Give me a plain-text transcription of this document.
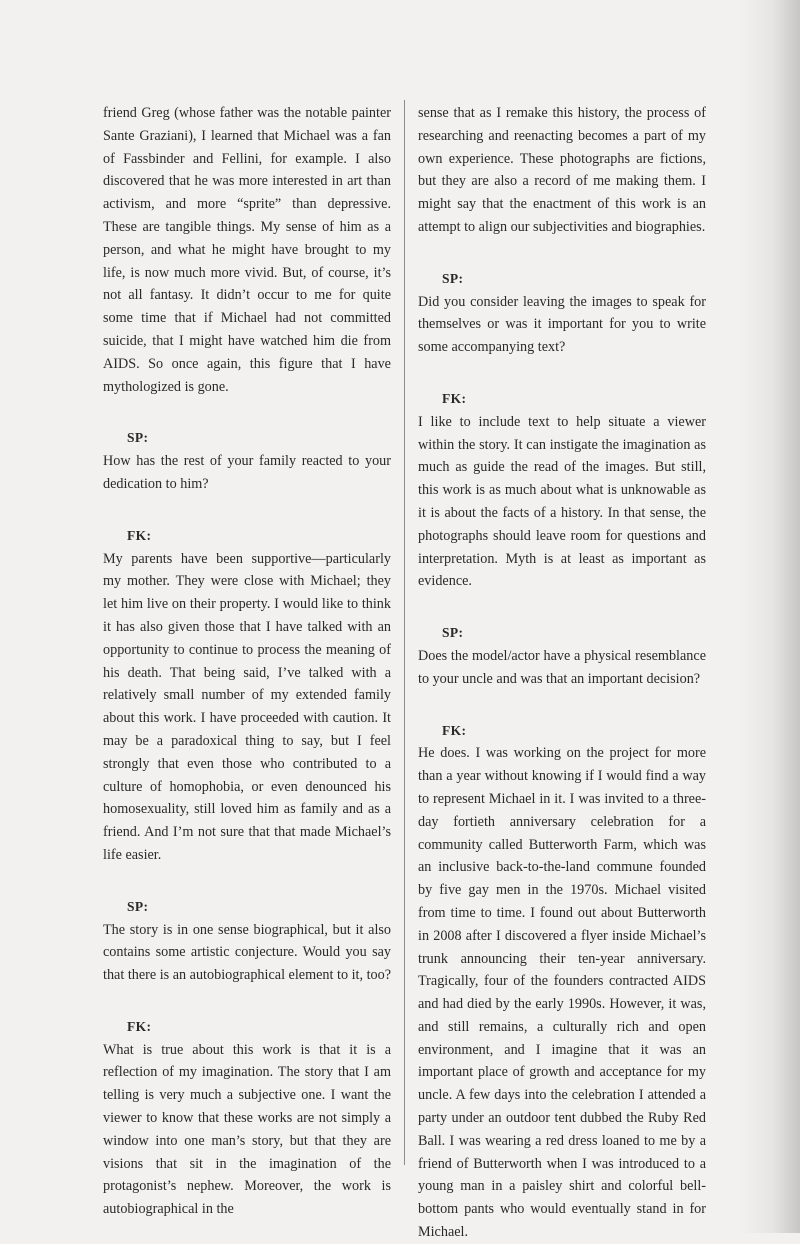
friend Greg (whose father was the notable painter Sante Graziani), I learned that Michael was a fan of Fassbinder and Fellini, for example. I also discovered that he was more interested in art than activism, and more “sprite” than depressive. These are tangible things. My sense of him as a person, and what he might have brought to my life, is now much more vivid. But, of course, it’s not all fantasy. It didn’t occur to me for quite some time that if Michael had not committed suicide, that I might have watched him die from AIDS. So once again, this figure that I have mythologized is gone.

SP:

How has the rest of your family reacted to your dedication to him?

FK:

My parents have been supportive—particularly my mother. They were close with Michael; they let him live on their property. I would like to think it has also given those that I have talked with an opportunity to continue to process the meaning of his death. That being said, I’ve talked with a relatively small number of my extended family about this work. I have proceeded with caution. It may be a paradoxical thing to say, but I feel strongly that even those who contributed to a culture of homophobia, or even denounced his homosexuality, still loved him as family and as a friend. And I’m not sure that that made Michael’s life easier.

SP:

The story is in one sense biographical, but it also contains some artistic conjecture. Would you say that there is an autobiographical element to it, too?

FK:

What is true about this work is that it is a reflection of my imagination. The story that I am telling is very much a subjective one. I want the viewer to know that these works are not simply a window into one man’s story, but that they are visions that sit in the imagination of the protagonist’s nephew. Moreover, the work is autobiographical in the

sense that as I remake this history, the process of researching and reenacting becomes a part of my own experience. These photographs are fictions, but they are also a record of me making them. I might say that the enactment of this work is an attempt to align our subjectivities and biographies.

SP:

Did you consider leaving the images to speak for themselves or was it important for you to write some accompanying text?

FK:

I like to include text to help situate a viewer within the story. It can instigate the imagination as much as guide the read of the images. But still, this work is as much about what is unknowable as it is about the facts of a history. In that sense, the photographs should leave room for questions and interpretation. Myth is at least as important as evidence.

SP:

Does the model/actor have a physical resemblance to your uncle and was that an important decision?

FK:

He does. I was working on the project for more than a year without knowing if I would find a way to represent Michael in it. I was invited to a three-day fortieth anniversary celebration for a community called Butterworth Farm, which was an inclusive back-to-the-land commune founded by five gay men in the 1970s. Michael visited from time to time. I found out about Butterworth in 2008 after I discovered a flyer inside Michael’s trunk announcing their ten-year anniversary. Tragically, four of the founders contracted AIDS and had died by the early 1990s. However, it was, and still remains, a culturally rich and open environment, and I imagine that it was an important place of growth and acceptance for my uncle. A few days into the celebration I attended a party under an outdoor tent dubbed the Ruby Red Ball. I was wearing a red dress loaned to me by a friend of Butterworth when I was introduced to a young man in a paisley shirt and colorful bell-bottom pants who would eventually stand in for Michael.
